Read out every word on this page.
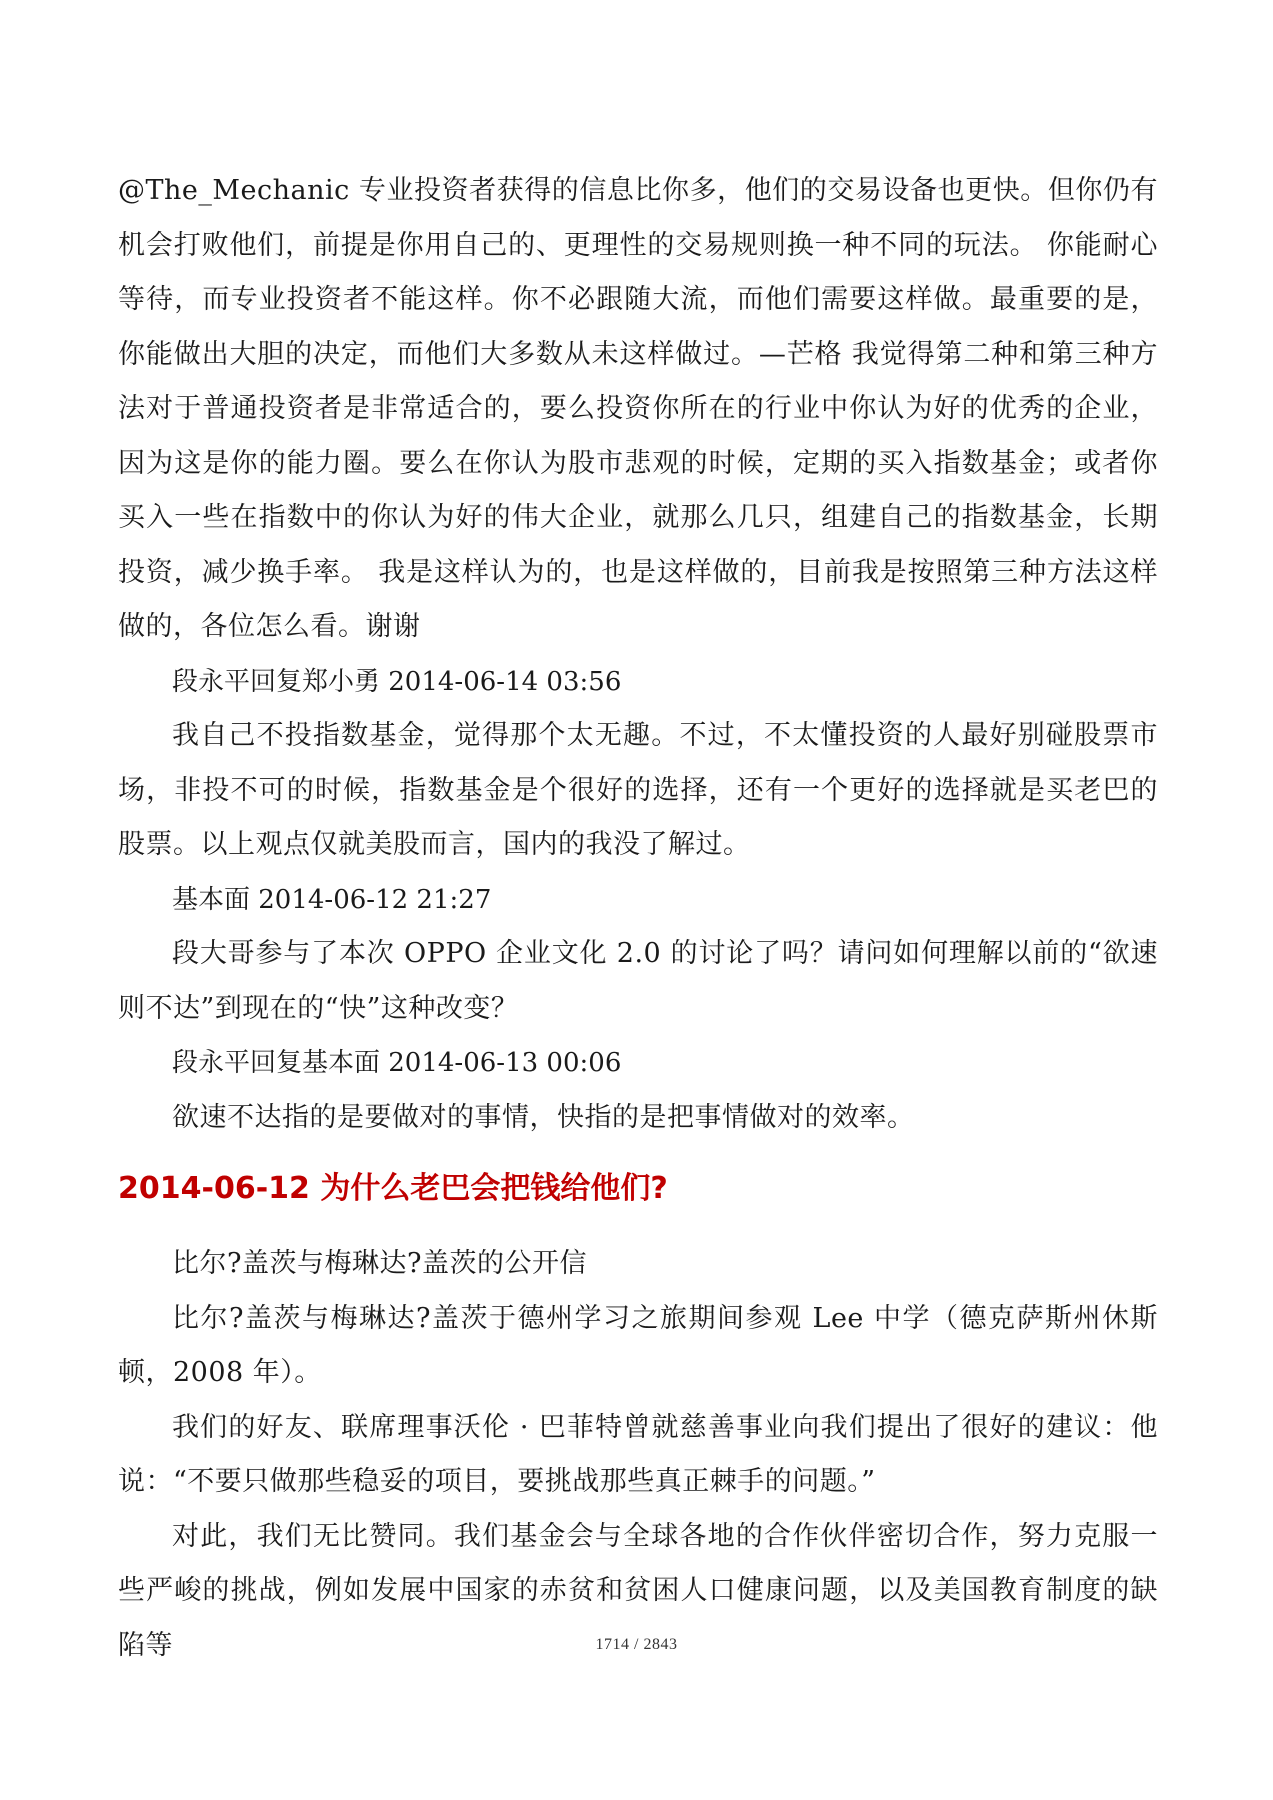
@The_Mechanic 专业投资者获得的信息比你多，他们的交易设备也更快。但你仍有机会打败他们，前提是你用自己的、更理性的交易规则换一种不同的玩法。 你能耐心等待，而专业投资者不能这样。你不必跟随大流，而他们需要这样做。最重要的是，你能做出大胆的决定，而他们大多数从未这样做过。—芒格 我觉得第二种和第三种方法对于普通投资者是非常适合的，要么投资你所在的行业中你认为好的优秀的企业，因为这是你的能力圈。要么在你认为股市悲观的时候，定期的买入指数基金；或者你买入一些在指数中的你认为好的伟大企业，就那么几只，组建自己的指数基金，长期投资，减少换手率。 我是这样认为的，也是这样做的，目前我是按照第三种方法这样做的，各位怎么看。谢谢

段永平回复郑小勇 2014-06-14 03:56

我自己不投指数基金，觉得那个太无趣。不过，不太懂投资的人最好别碰股票市场，非投不可的时候，指数基金是个很好的选择，还有一个更好的选择就是买老巴的股票。以上观点仅就美股而言，国内的我没了解过。

基本面 2014-06-12 21:27

段大哥参与了本次 OPPO 企业文化 2.0 的讨论了吗？请问如何理解以前的“欲速则不达”到现在的“快”这种改变？

段永平回复基本面 2014-06-13 00:06

欲速不达指的是要做对的事情，快指的是把事情做对的效率。

2014-06-12 为什么老巴会把钱给他们?

比尔?盖茨与梅琳达?盖茨的公开信

比尔?盖茨与梅琳达?盖茨于德州学习之旅期间参观 Lee 中学（德克萨斯州休斯顿，2008 年）。

我们的好友、联席理事沃伦 · 巴菲特曾就慈善事业向我们提出了很好的建议：他说：“不要只做那些稳妥的项目，要挑战那些真正棘手的问题。”

对此，我们无比赞同。我们基金会与全球各地的合作伙伴密切合作，努力克服一些严峻的挑战，例如发展中国家的赤贫和贫困人口健康问题，以及美国教育制度的缺陷等	1714 / 2843
